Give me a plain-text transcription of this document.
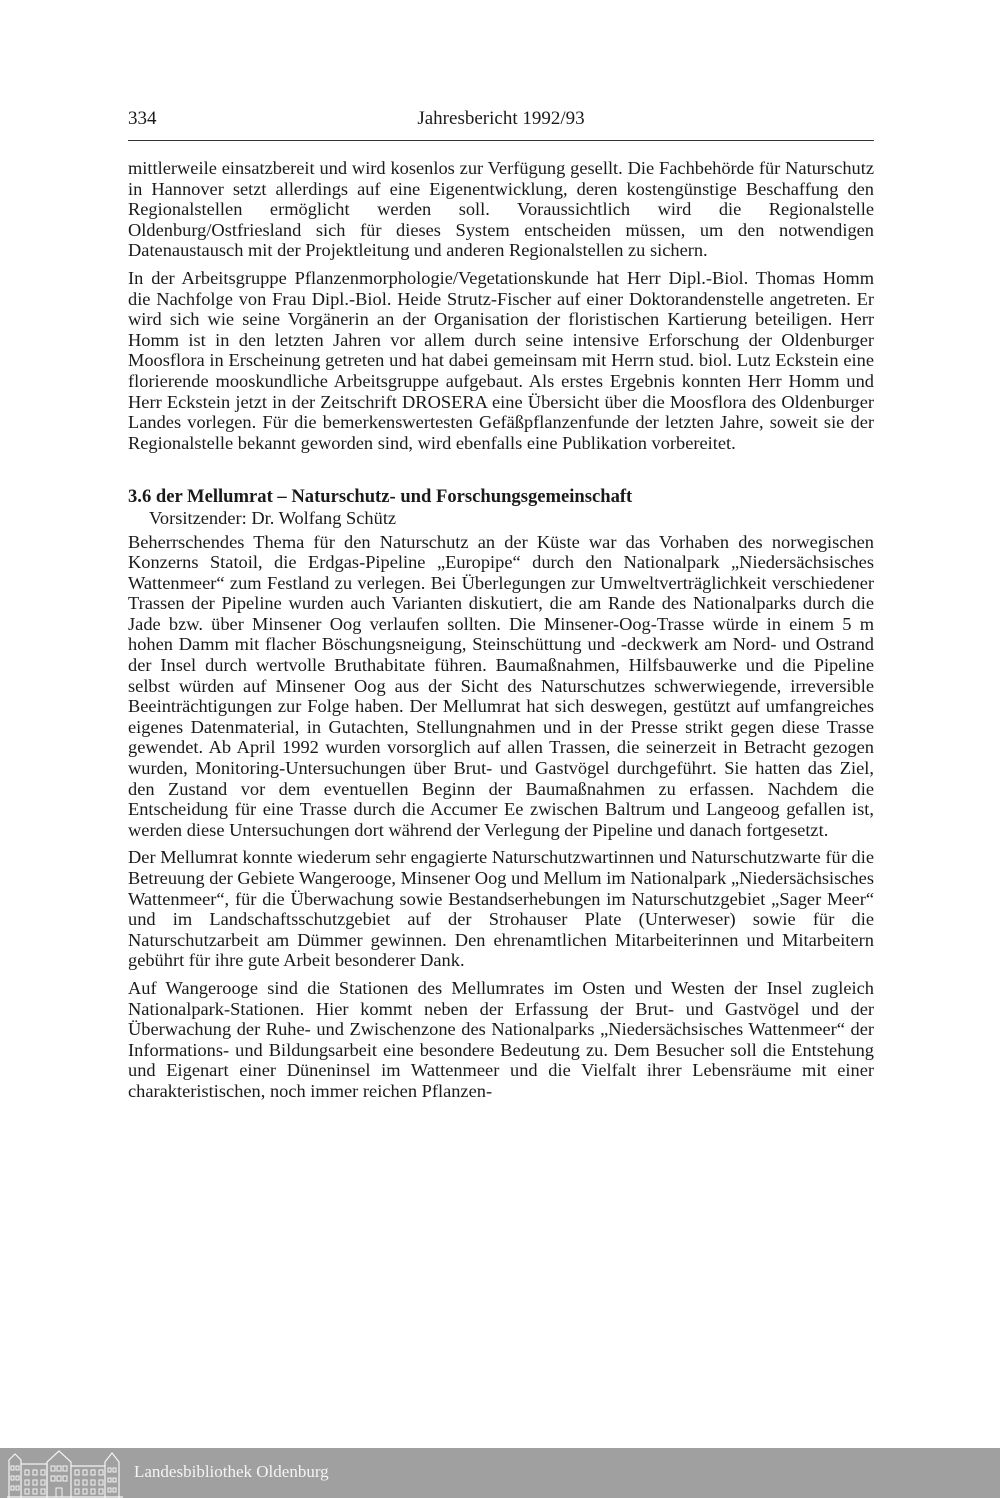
334	Jahresbericht 1992/93

mittlerweile einsatzbereit und wird kosenlos zur Verfügung gesellt. Die Fachbehörde für Naturschutz in Hannover setzt allerdings auf eine Eigenentwicklung, deren kostengünstige Beschaffung den Regionalstellen ermöglicht werden soll. Voraussichtlich wird die Regionalstelle Oldenburg/Ostfriesland sich für dieses System entscheiden müssen, um den notwendigen Datenaustausch mit der Projektleitung und anderen Regionalstellen zu sichern.

In der Arbeitsgruppe Pflanzenmorphologie/Vegetationskunde hat Herr Dipl.-Biol. Thomas Homm die Nachfolge von Frau Dipl.-Biol. Heide Strutz-Fischer auf einer Doktorandenstelle angetreten. Er wird sich wie seine Vorgänerin an der Organisation der floristischen Kartierung beteiligen. Herr Homm ist in den letzten Jahren vor allem durch seine intensive Erforschung der Oldenburger Moosflora in Erscheinung getreten und hat dabei gemeinsam mit Herrn stud. biol. Lutz Eckstein eine florierende mooskundliche Arbeitsgruppe aufgebaut. Als erstes Ergebnis konnten Herr Homm und Herr Eckstein jetzt in der Zeitschrift DROSERA eine Übersicht über die Moosflora des Oldenburger Landes vorlegen. Für die bemerkenswertesten Gefäßpflanzenfunde der letzten Jahre, soweit sie der Regionalstelle bekannt geworden sind, wird ebenfalls eine Publikation vorbereitet.

3.6 der Mellumrat – Naturschutz- und Forschungsgemeinschaft
Vorsitzender: Dr. Wolfang Schütz

Beherrschendes Thema für den Naturschutz an der Küste war das Vorhaben des norwegischen Konzerns Statoil, die Erdgas-Pipeline „Europipe“ durch den Nationalpark „Niedersächsisches Wattenmeer“ zum Festland zu verlegen. Bei Überlegungen zur Umweltverträglichkeit verschiedener Trassen der Pipeline wurden auch Varianten diskutiert, die am Rande des Nationalparks durch die Jade bzw. über Minsener Oog verlaufen sollten. Die Minsener-Oog-Trasse würde in einem 5 m hohen Damm mit flacher Böschungsneigung, Steinschüttung und -deckwerk am Nord- und Ostrand der Insel durch wertvolle Bruthabitate führen. Baumaßnahmen, Hilfsbauwerke und die Pipeline selbst würden auf Minsener Oog aus der Sicht des Naturschutzes schwerwiegende, irreversible Beeinträchtigungen zur Folge haben. Der Mellumrat hat sich deswegen, gestützt auf umfangreiches eigenes Datenmaterial, in Gutachten, Stellungnahmen und in der Presse strikt gegen diese Trasse gewendet. Ab April 1992 wurden vorsorglich auf allen Trassen, die seinerzeit in Betracht gezogen wurden, Monitoring-Untersuchungen über Brut- und Gastvögel durchgeführt. Sie hatten das Ziel, den Zustand vor dem eventuellen Beginn der Baumaßnahmen zu erfassen. Nachdem die Entscheidung für eine Trasse durch die Accumer Ee zwischen Baltrum und Langeoog gefallen ist, werden diese Untersuchungen dort während der Verlegung der Pipeline und danach fortgesetzt.

Der Mellumrat konnte wiederum sehr engagierte Naturschutzwartinnen und Naturschutzwarte für die Betreuung der Gebiete Wangerooge, Minsener Oog und Mellum im Nationalpark „Niedersächsisches Wattenmeer“, für die Überwachung sowie Bestandserhebungen im Naturschutzgebiet „Sager Meer“ und im Landschaftsschutzgebiet auf der Strohauser Plate (Unterweser) sowie für die Naturschutzarbeit am Dümmer gewinnen. Den ehrenamtlichen Mitarbeiterinnen und Mitarbeitern gebührt für ihre gute Arbeit besonderer Dank.

Auf Wangerooge sind die Stationen des Mellumrates im Osten und Westen der Insel zugleich Nationalpark-Stationen. Hier kommt neben der Erfassung der Brut- und Gastvögel und der Überwachung der Ruhe- und Zwischenzone des Nationalparks „Niedersächsisches Wattenmeer“ der Informations- und Bildungsarbeit eine besondere Bedeutung zu. Dem Besucher soll die Entstehung und Eigenart einer Düneninsel im Wattenmeer und die Vielfalt ihrer Lebensräume mit einer charakteristischen, noch immer reichen Pflanzen-

Landesbibliothek Oldenburg
